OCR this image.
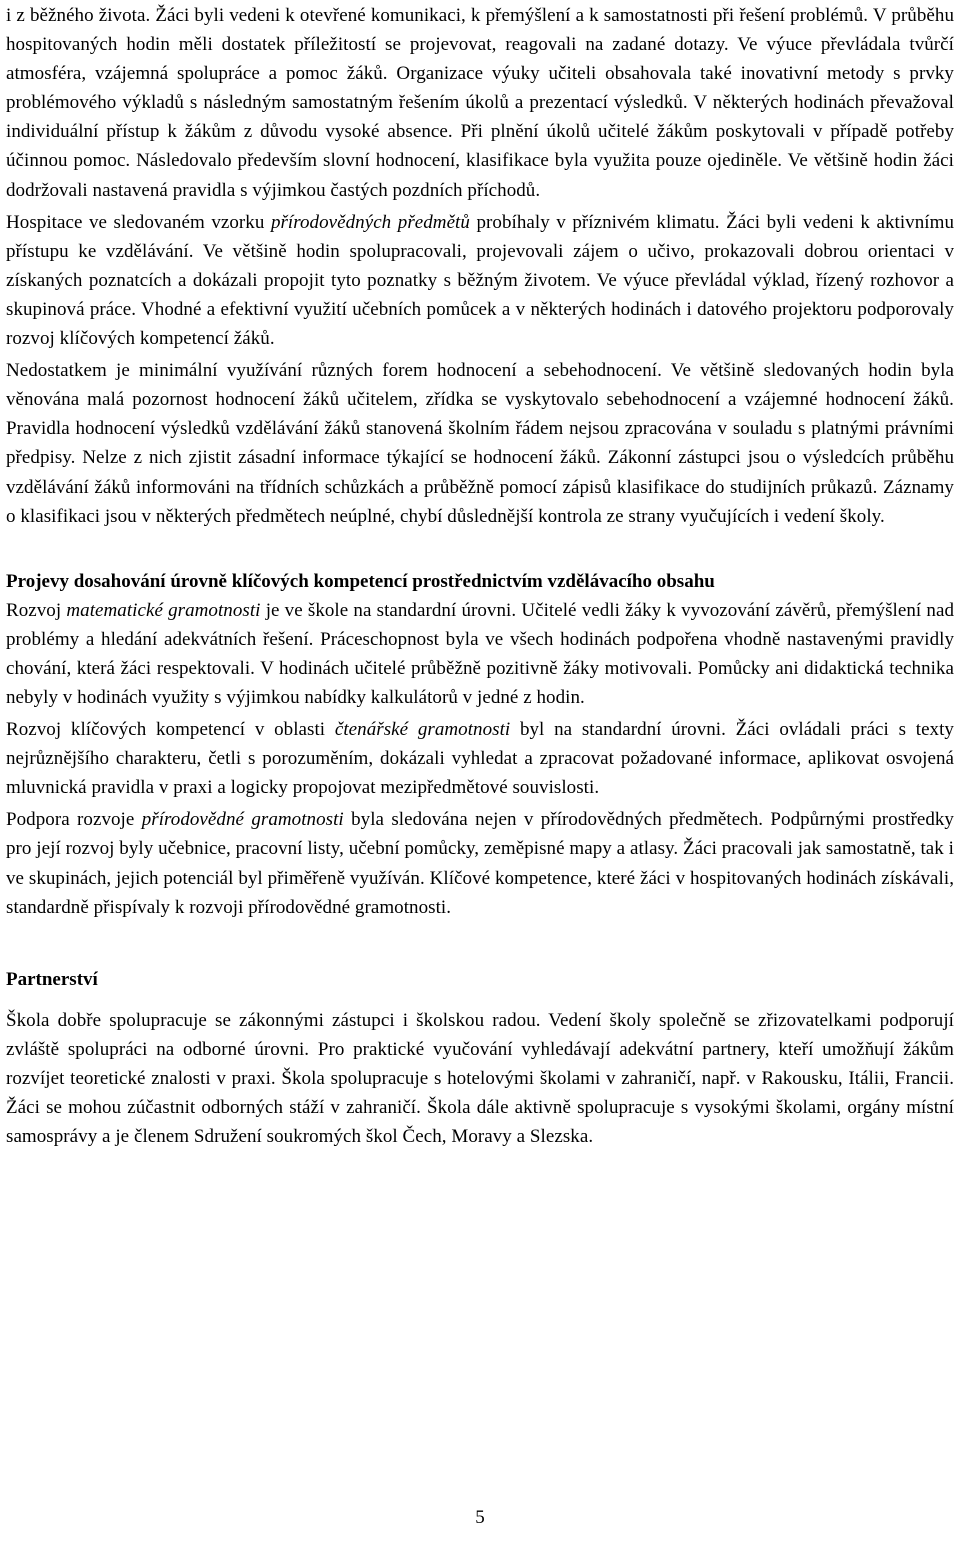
i z běžného života. Žáci byli vedeni k otevřené komunikaci, k přemýšlení a k samostatnosti při řešení problémů. V průběhu hospitovaných hodin měli dostatek příležitostí se projevovat, reagovali na zadané dotazy. Ve výuce převládala tvůrčí atmosféra, vzájemná spolupráce a pomoc žáků. Organizace výuky učiteli obsahovala také inovativní metody s prvky problémového výkladů s následným samostatným řešením úkolů a prezentací výsledků. V některých hodinách převažoval individuální přístup k žákům z důvodu vysoké absence. Při plnění úkolů učitelé žákům poskytovali v případě potřeby účinnou pomoc. Následovalo především slovní hodnocení, klasifikace byla využita pouze ojediněle. Ve většině hodin žáci dodržovali nastavená pravidla s výjimkou častých pozdních příchodů.

Hospitace ve sledovaném vzorku přírodovědných předmětů probíhaly v příznivém klimatu. Žáci byli vedeni k aktivnímu přístupu ke vzdělávání. Ve většině hodin spolupracovali, projevovali zájem o učivo, prokazovali dobrou orientaci v získaných poznatcích a dokázali propojit tyto poznatky s běžným životem. Ve výuce převládal výklad, řízený rozhovor a skupinová práce. Vhodné a efektivní využití učebních pomůcek a v některých hodinách i datového projektoru podporovaly rozvoj klíčových kompetencí žáků.

Nedostatkem je minimální využívání různých forem hodnocení a sebehodnocení. Ve většině sledovaných hodin byla věnována malá pozornost hodnocení žáků učitelem, zřídka se vyskytovalo sebehodnocení a vzájemné hodnocení žáků. Pravidla hodnocení výsledků vzdělávání žáků stanovená školním řádem nejsou zpracována v souladu s platnými právními předpisy. Nelze z nich zjistit zásadní informace týkající se hodnocení žáků. Zákonní zástupci jsou o výsledcích průběhu vzdělávání žáků informováni na třídních schůzkách a průběžně pomocí zápisů klasifikace do studijních průkazů. Záznamy o klasifikaci jsou v některých předmětech neúplné, chybí důslednější kontrola ze strany vyučujících i vedení školy.

Projevy dosahování úrovně klíčových kompetencí prostřednictvím vzdělávacího obsahu

Rozvoj matematické gramotnosti je ve škole na standardní úrovni. Učitelé vedli žáky k vyvozování závěrů, přemýšlení nad problémy a hledání adekvátních řešení. Práceschopnost byla ve všech hodinách podpořena vhodně nastavenými pravidly chování, která žáci respektovali. V hodinách učitelé průběžně pozitivně žáky motivovali. Pomůcky ani didaktická technika nebyly v hodinách využity s výjimkou nabídky kalkulátorů v jedné z hodin.

Rozvoj klíčových kompetencí v oblasti čtenářské gramotnosti byl na standardní úrovni. Žáci ovládali práci s texty nejrůznějšího charakteru, četli s porozuměním, dokázali vyhledat a zpracovat požadované informace, aplikovat osvojená mluvnická pravidla v praxi a logicky propojovat mezipředmětové souvislosti.

Podpora rozvoje přírodovědné gramotnosti byla sledována nejen v přírodovědných předmětech. Podpůrnými prostředky pro její rozvoj byly učebnice, pracovní listy, učební pomůcky, zeměpisné mapy a atlasy. Žáci pracovali jak samostatně, tak i ve skupinách, jejich potenciál byl přiměřeně využíván. Klíčové kompetence, které žáci v hospitovaných hodinách získávali, standardně přispívaly k rozvoji přírodovědné gramotnosti.

Partnerství

Škola dobře spolupracuje se zákonnými zástupci i školskou radou. Vedení školy společně se zřizovatelkami podporují zvláště spolupráci na odborné úrovni. Pro praktické vyučování vyhledávají adekvátní partnery, kteří umožňují žákům rozvíjet teoretické znalosti v praxi. Škola spolupracuje s hotelovými školami v zahraničí, např. v Rakousku, Itálii, Francii. Žáci se mohou zúčastnit odborných stáží v zahraničí. Škola dále aktivně spolupracuje s vysokými školami, orgány místní samosprávy a je členem Sdružení soukromých škol Čech, Moravy a Slezska.

5
